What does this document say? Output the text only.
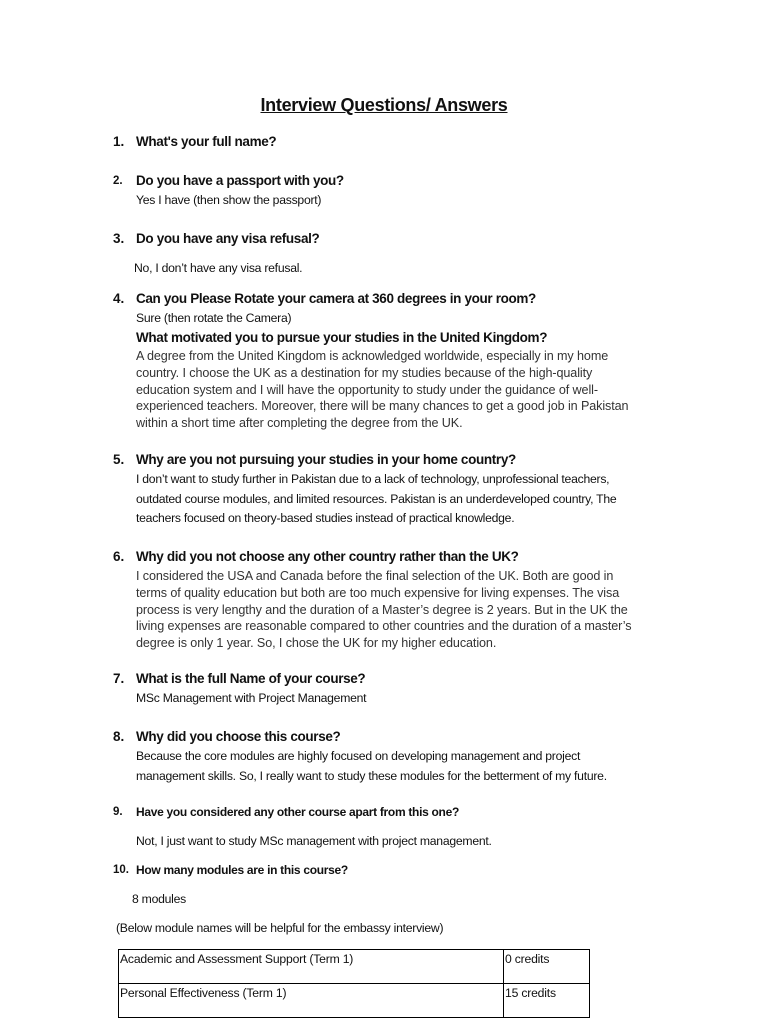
Interview Questions/ Answers
1. What's your full name?
2. Do you have a passport with you?
Yes I have (then show the passport)
3. Do you have any visa refusal?
No, I don’t have any visa refusal.
4. Can you Please Rotate your camera at 360 degrees in your room?
Sure (then rotate the Camera)
What motivated you to pursue your studies in the United Kingdom?
A degree from the United Kingdom is acknowledged worldwide, especially in my home
country. I choose the UK as a destination for my studies because of the high-quality
education system and I will have the opportunity to study under the guidance of well-
experienced teachers. Moreover, there will be many chances to get a good job in Pakistan
within a short time after completing the degree from the UK.
5. Why are you not pursuing your studies in your home country?
I don’t want to study further in Pakistan due to a lack of technology, unprofessional teachers,
outdated course modules, and limited resources. Pakistan is an underdeveloped country, The
teachers focused on theory-based studies instead of practical knowledge.
6. Why did you not choose any other country rather than the UK?
I considered the USA and Canada before the final selection of the UK. Both are good in
terms of quality education but both are too much expensive for living expenses. The visa
process is very lengthy and the duration of a Master’s degree is 2 years. But in the UK the
living expenses are reasonable compared to other countries and the duration of a master’s
degree is only 1 year. So, I chose the UK for my higher education.
7. What is the full Name of your course?
MSc Management with Project Management
8. Why did you choose this course?
Because the core modules are highly focused on developing management and project
management skills. So, I really want to study these modules for the betterment of my future.
9. Have you considered any other course apart from this one?
Not, I just want to study MSc management with project management.
10. How many modules are in this course?
8 modules
(Below module names will be helpful for the embassy interview)
Academic and Assessment Support (Term 1)	0 credits
Personal Effectiveness (Term 1)	15 credits
